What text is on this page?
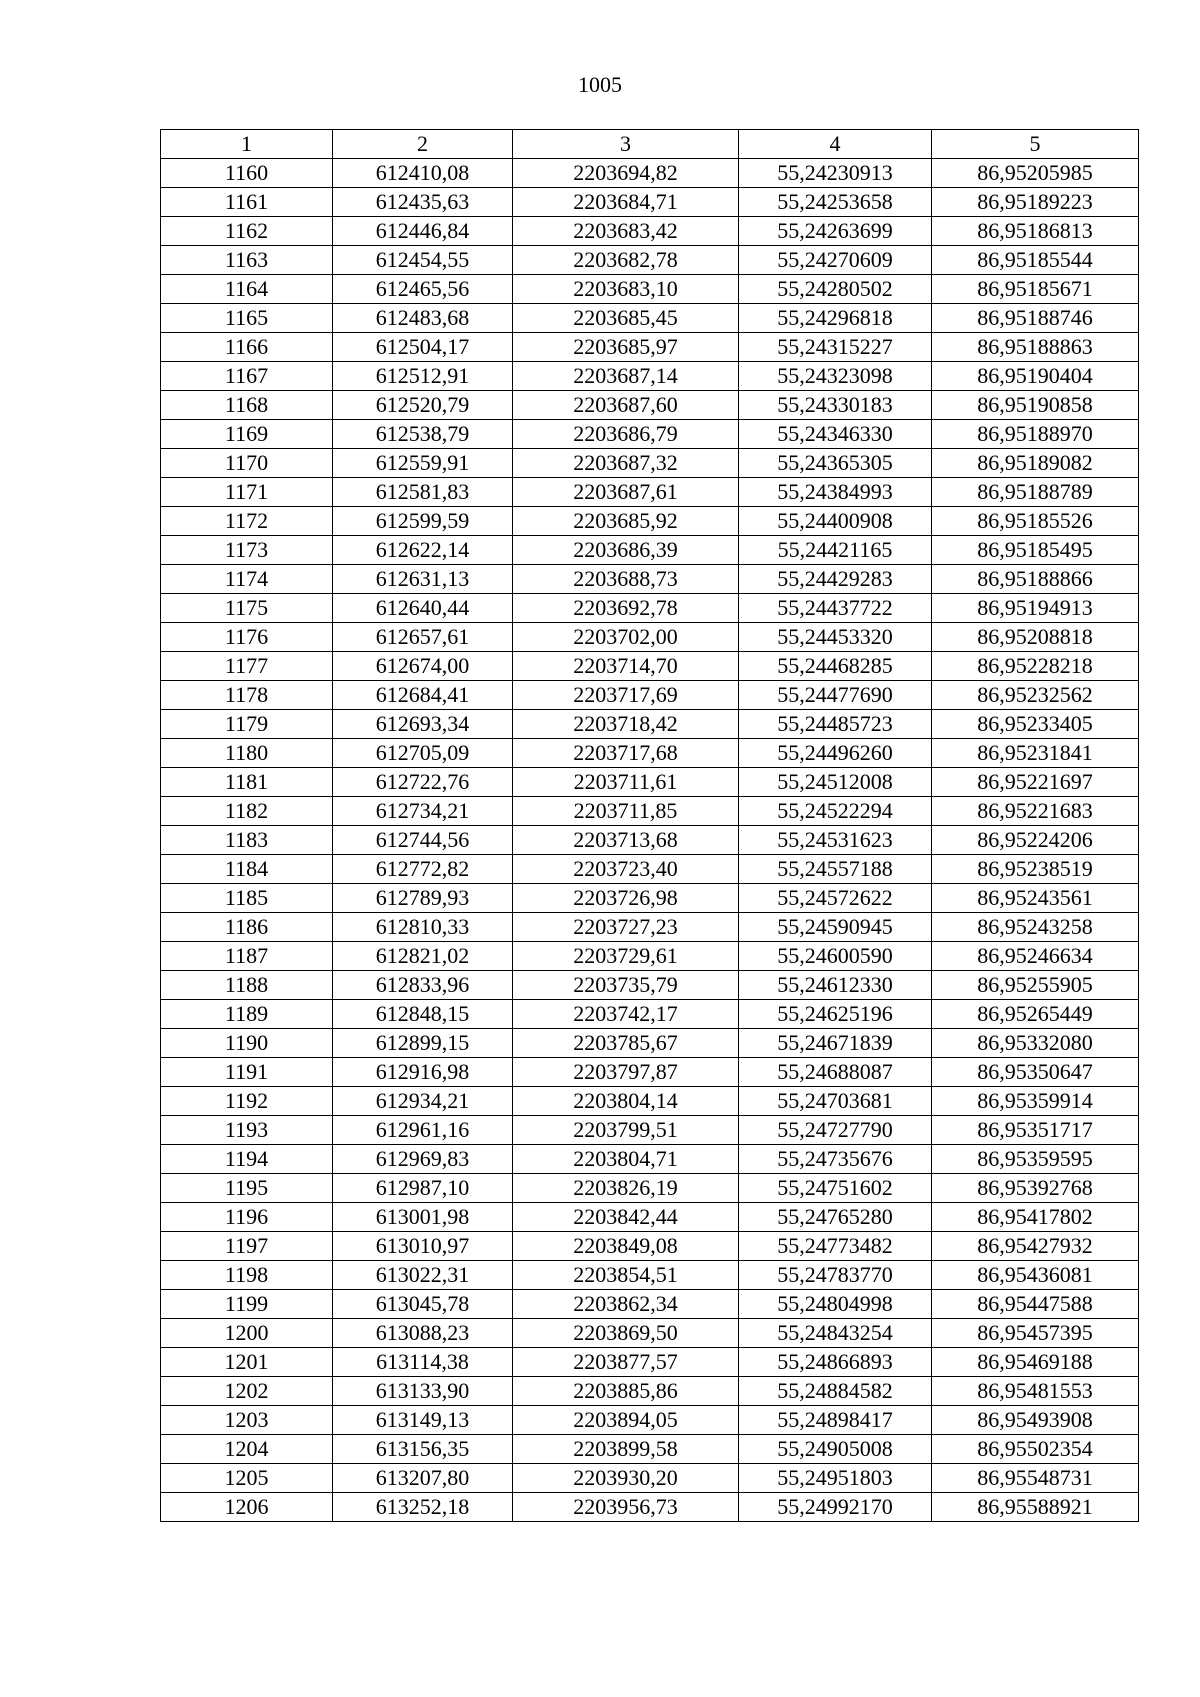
1005
1	2	3	4	5
1160	612410,08	2203694,82	55,24230913	86,95205985
1161	612435,63	2203684,71	55,24253658	86,95189223
1162	612446,84	2203683,42	55,24263699	86,95186813
1163	612454,55	2203682,78	55,24270609	86,95185544
1164	612465,56	2203683,10	55,24280502	86,95185671
1165	612483,68	2203685,45	55,24296818	86,95188746
1166	612504,17	2203685,97	55,24315227	86,95188863
1167	612512,91	2203687,14	55,24323098	86,95190404
1168	612520,79	2203687,60	55,24330183	86,95190858
1169	612538,79	2203686,79	55,24346330	86,95188970
1170	612559,91	2203687,32	55,24365305	86,95189082
1171	612581,83	2203687,61	55,24384993	86,95188789
1172	612599,59	2203685,92	55,24400908	86,95185526
1173	612622,14	2203686,39	55,24421165	86,95185495
1174	612631,13	2203688,73	55,24429283	86,95188866
1175	612640,44	2203692,78	55,24437722	86,95194913
1176	612657,61	2203702,00	55,24453320	86,95208818
1177	612674,00	2203714,70	55,24468285	86,95228218
1178	612684,41	2203717,69	55,24477690	86,95232562
1179	612693,34	2203718,42	55,24485723	86,95233405
1180	612705,09	2203717,68	55,24496260	86,95231841
1181	612722,76	2203711,61	55,24512008	86,95221697
1182	612734,21	2203711,85	55,24522294	86,95221683
1183	612744,56	2203713,68	55,24531623	86,95224206
1184	612772,82	2203723,40	55,24557188	86,95238519
1185	612789,93	2203726,98	55,24572622	86,95243561
1186	612810,33	2203727,23	55,24590945	86,95243258
1187	612821,02	2203729,61	55,24600590	86,95246634
1188	612833,96	2203735,79	55,24612330	86,95255905
1189	612848,15	2203742,17	55,24625196	86,95265449
1190	612899,15	2203785,67	55,24671839	86,95332080
1191	612916,98	2203797,87	55,24688087	86,95350647
1192	612934,21	2203804,14	55,24703681	86,95359914
1193	612961,16	2203799,51	55,24727790	86,95351717
1194	612969,83	2203804,71	55,24735676	86,95359595
1195	612987,10	2203826,19	55,24751602	86,95392768
1196	613001,98	2203842,44	55,24765280	86,95417802
1197	613010,97	2203849,08	55,24773482	86,95427932
1198	613022,31	2203854,51	55,24783770	86,95436081
1199	613045,78	2203862,34	55,24804998	86,95447588
1200	613088,23	2203869,50	55,24843254	86,95457395
1201	613114,38	2203877,57	55,24866893	86,95469188
1202	613133,90	2203885,86	55,24884582	86,95481553
1203	613149,13	2203894,05	55,24898417	86,95493908
1204	613156,35	2203899,58	55,24905008	86,95502354
1205	613207,80	2203930,20	55,24951803	86,95548731
1206	613252,18	2203956,73	55,24992170	86,95588921
